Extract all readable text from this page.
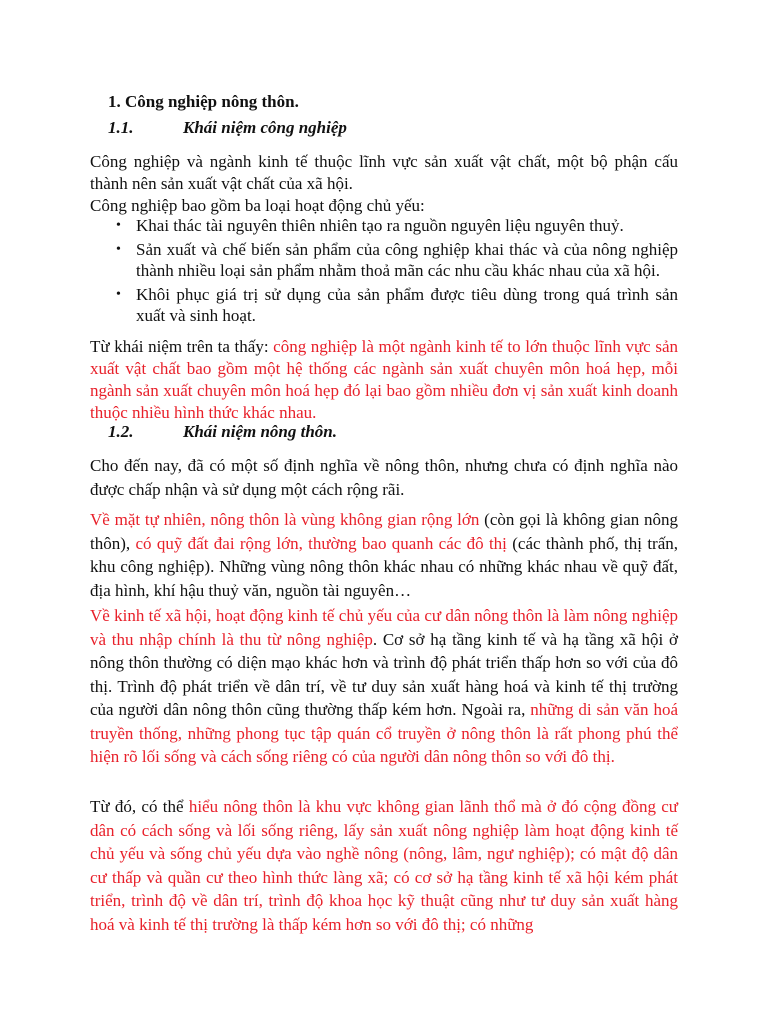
1. Công nghiệp nông thôn.
1.1.	Khái niệm công nghiệp

Công nghiệp và ngành kinh tế thuộc lĩnh vực sản xuất vật chất, một bộ phận cấu thành nên sản xuất vật chất của xã hội.

Công nghiệp bao gồm ba loại hoạt động chủ yếu:

• Khai thác tài nguyên thiên nhiên tạo ra nguồn nguyên liệu nguyên thuỷ.
• Sản xuất và chế biến sản phẩm của công nghiệp khai thác và của nông nghiệp thành nhiều loại sản phẩm nhằm thoả mãn các nhu cầu khác nhau của xã hội.
• Khôi phục giá trị sử dụng của sản phẩm được tiêu dùng trong quá trình sản xuất và sinh hoạt.

Từ khái niệm trên ta thấy: công nghiệp là một ngành kinh tế to lớn thuộc lĩnh vực sản xuất vật chất bao gồm một hệ thống các ngành sản xuất chuyên môn hoá hẹp, mỗi ngành sản xuất chuyên môn hoá hẹp đó lại bao gồm nhiều đơn vị sản xuất kinh doanh thuộc nhiều hình thức khác nhau.

1.2.	Khái niệm nông thôn.

Cho đến nay, đã có một số định nghĩa về nông thôn, nhưng chưa có định nghĩa nào được chấp nhận và sử dụng một cách rộng rãi.

Về mặt tự nhiên, nông thôn là vùng không gian rộng lớn (còn gọi là không gian nông thôn), có quỹ đất đai rộng lớn, thường bao quanh các đô thị (các thành phố, thị trấn, khu công nghiệp). Những vùng nông thôn khác nhau có những khác nhau về quỹ đất, địa hình, khí hậu thuỷ văn, nguồn tài nguyên…

Về kinh tế xã hội, hoạt động kinh tế chủ yếu của cư dân nông thôn là làm nông nghiệp và thu nhập chính là thu từ nông nghiệp. Cơ sở hạ tầng kinh tế và hạ tầng xã hội ở nông thôn thường có diện mạo khác hơn và trình độ phát triển thấp hơn so với của đô thị. Trình độ phát triển về dân trí, về tư duy sản xuất hàng hoá và kinh tế thị trường của người dân nông thôn cũng thường thấp kém hơn. Ngoài ra, những di sản văn hoá truyền thống, những phong tục tập quán cổ truyền ở nông thôn là rất phong phú thể hiện rõ lối sống và cách sống riêng có của người dân nông thôn so với đô thị.

Từ đó, có thể hiểu nông thôn là khu vực không gian lãnh thổ mà ở đó cộng đồng cư dân có cách sống và lối sống riêng, lấy sản xuất nông nghiệp làm hoạt động kinh tế chủ yếu và sống chủ yếu dựa vào nghề nông (nông, lâm, ngư nghiệp); có mật độ dân cư thấp và quần cư theo hình thức làng xã; có cơ sở hạ tầng kinh tế xã hội kém phát triển, trình độ về dân trí, trình độ khoa học kỹ thuật cũng như tư duy sản xuất hàng hoá và kinh tế thị trường là thấp kém hơn so với đô thị; có những
